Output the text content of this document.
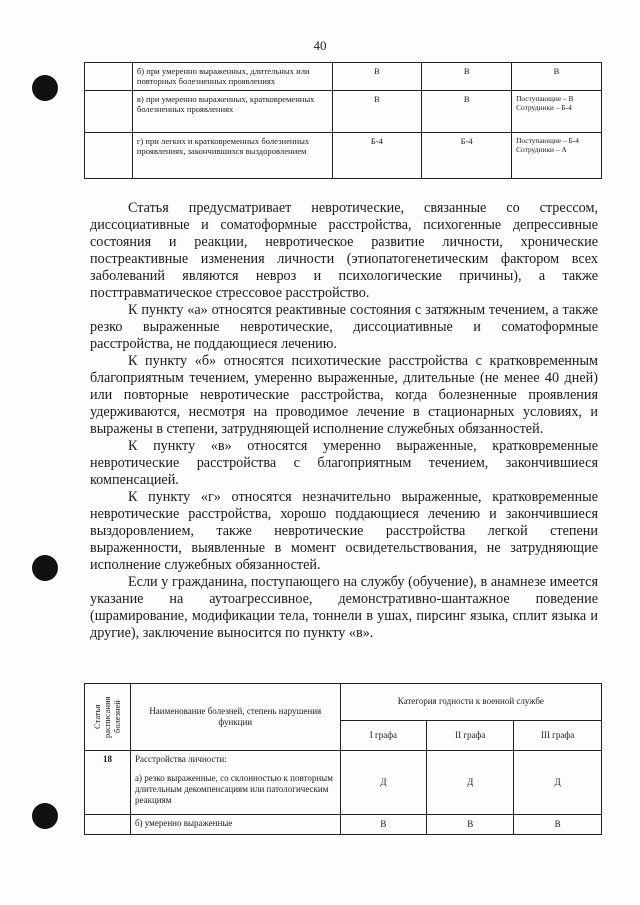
40
	б) при умеренно выраженных, длительных или повторных болезненных проявлениях	В	В	В
	в) при умеренно выраженных, кратковременных болезненных проявлениях	В	В	Поступающие – В
Сотрудники – Б-4

	г) при легких и кратковременных болезненных проявлениях, закончившихся выздоровлением	Б-4	Б-4	Поступающие – Б-4
Сотрудники – А

Статья предусматривает невротические, связанные со стрессом, диссоциативные и соматоформные расстройства, психогенные депрессивные состояния и реакции, невротическое развитие личности, хронические постреактивные изменения личности (этиопатогенетическим фактором всех заболеваний являются невроз и психологические причины), а также посттравматическое стрессовое расстройство.

К пункту «а» относятся реактивные состояния с затяжным течением, а также резко выраженные невротические, диссоциативные и соматоформные расстройства, не поддающиеся лечению.

К пункту «б» относятся психотические расстройства с кратковременным благоприятным течением, умеренно выраженные, длительные (не менее 40 дней) или повторные невротические расстройства, когда болезненные проявления удерживаются, несмотря на проводимое лечение в стационарных условиях, и выражены в степени, затрудняющей исполнение служебных обязанностей.

К пункту «в» относятся умеренно выраженные, кратковременные невротические расстройства с благоприятным течением, закончившиеся компенсацией.

К пункту «г» относятся незначительно выраженные, кратковременные невротические расстройства, хорошо поддающиеся лечению и закончившиеся выздоровлением, также невротические расстройства легкой степени выраженности, выявленные в момент освидетельствования, не затрудняющие исполнение служебных обязанностей.

Если у гражданина, поступающего на службу (обучение), в анамнезе имеется указание на аутоагрессивное, демонстративно-шантажное поведение (шрамирование, модификации тела, тоннели в ушах, пирсинг языка, сплит языка и другие), заключение выносится по пункту «в».

Статья расписания болезней	Наименование болезней, степень нарушения функции	Категория годности к военной службе		
		I графа	II графа	III графа
18	Расстройства личности:
а) резко выраженные, со склонностью к повторным длительным декомпенсациям или патологическим реакциям	Д	Д	Д
	б) умеренно выраженные	В	В	В
